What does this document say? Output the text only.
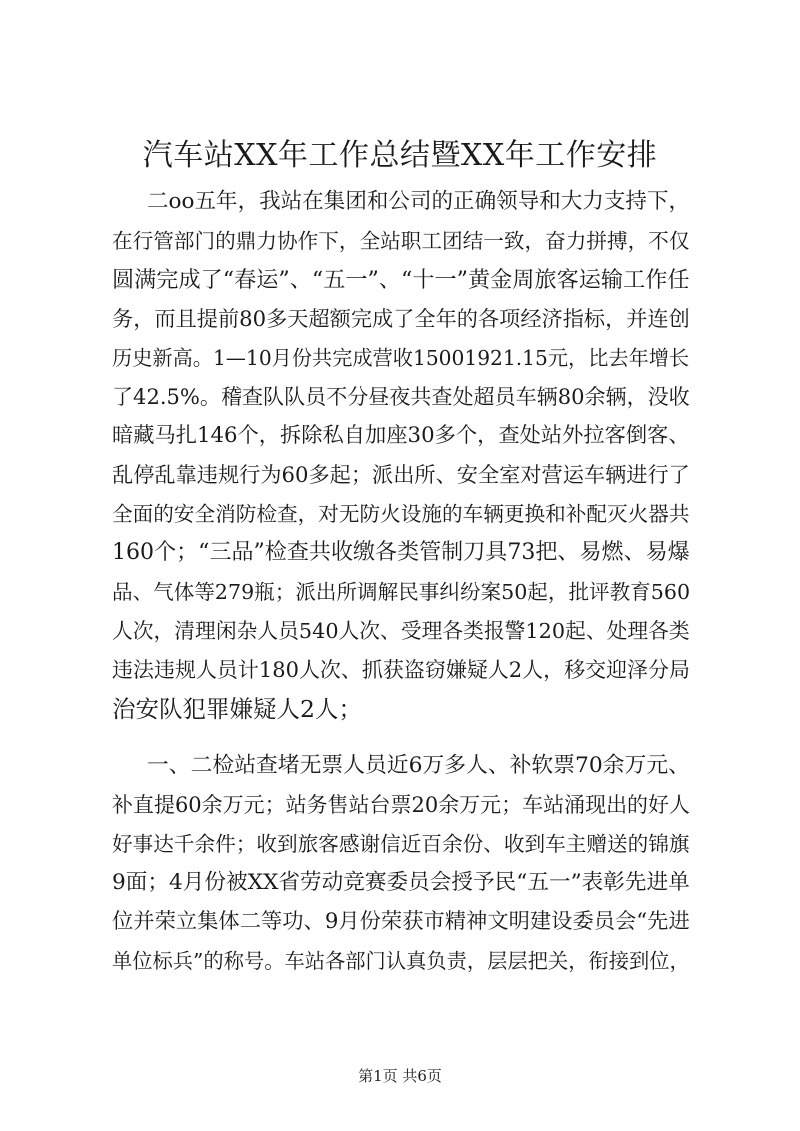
汽车站XX年工作总结暨XX年工作安排
二oo五年，我站在集团和公司的正确领导和大力支持下，
在行管部门的鼎力协作下，全站职工团结一致，奋力拼搏，不仅
圆满完成了“春运”、“五一”、“十一”黄金周旅客运输工作任
务，而且提前80多天超额完成了全年的各项经济指标，并连创
历史新高。1—10月份共完成营收15001921.15元，比去年增长
了42.5%。稽查队队员不分昼夜共查处超员车辆80余辆，没收
暗藏马扎146个，拆除私自加座30多个，查处站外拉客倒客、
乱停乱靠违规行为60多起；派出所、安全室对营运车辆进行了
全面的安全消防检查，对无防火设施的车辆更换和补配灭火器共
160个；“三品”检查共收缴各类管制刀具73把、易燃、易爆
品、气体等279瓶；派出所调解民事纠纷案50起，批评教育560
人次，清理闲杂人员540人次、受理各类报警120起、处理各类
违法违规人员计180人次、抓获盗窃嫌疑人2人，移交迎泽分局
治安队犯罪嫌疑人2人；
一、二检站查堵无票人员近6万多人、补软票70余万元、
补直提60余万元；站务售站台票20余万元；车站涌现出的好人
好事达千余件；收到旅客感谢信近百余份、收到车主赠送的锦旗
9面；4月份被XX省劳动竞赛委员会授予民“五一”表彰先进单
位并荣立集体二等功、9月份荣获市精神文明建设委员会“先进
单位标兵”的称号。车站各部门认真负责，层层把关，衔接到位，
第1页 共6页
